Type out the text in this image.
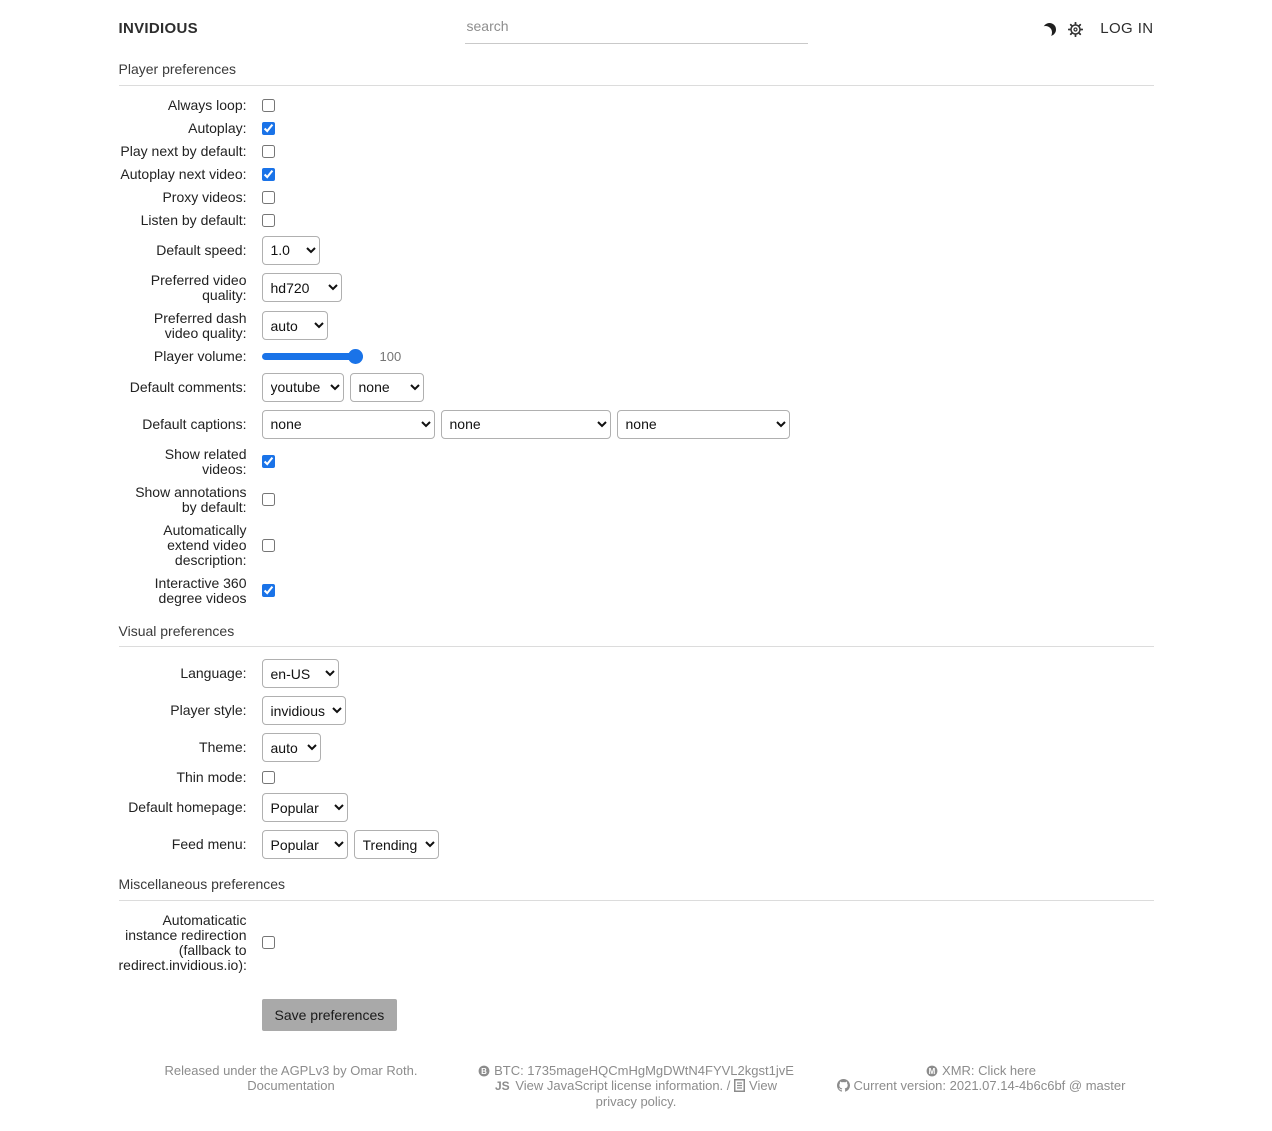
INVIDIOUS
search	LOG IN
Player preferences
Always loop:
Autoplay:
Play next by default:
Autoplay next video:
Proxy videos:
Listen by default:
Default speed:
1.0
Preferred video quality:
hd720
Preferred dash video quality:
auto
Player volume:	100
Default comments:
youtube
none
Default captions:
none
none
none
Show related videos:
Show annotations by default:
Automatically extend video description:
Interactive 360 degree videos
Visual preferences
Language:
en-US
Player style:
invidious
Theme:
auto
Thin mode:
Default homepage:
Popular
Feed menu:
Popular
Trending
Miscellaneous preferences
Automaticatic instance redirection (fallback to redirect.invidious.io):
Save preferences
Released under the AGPLv3 by Omar Roth.
Documentation
B BTC: 1735mageHQCmHgMgDWtN4FYVL2kgst1jvE
JS View JavaScript license information. / View privacy policy.
M XMR: Click here
Current version: 2021.07.14-4b6c6bf @ master
